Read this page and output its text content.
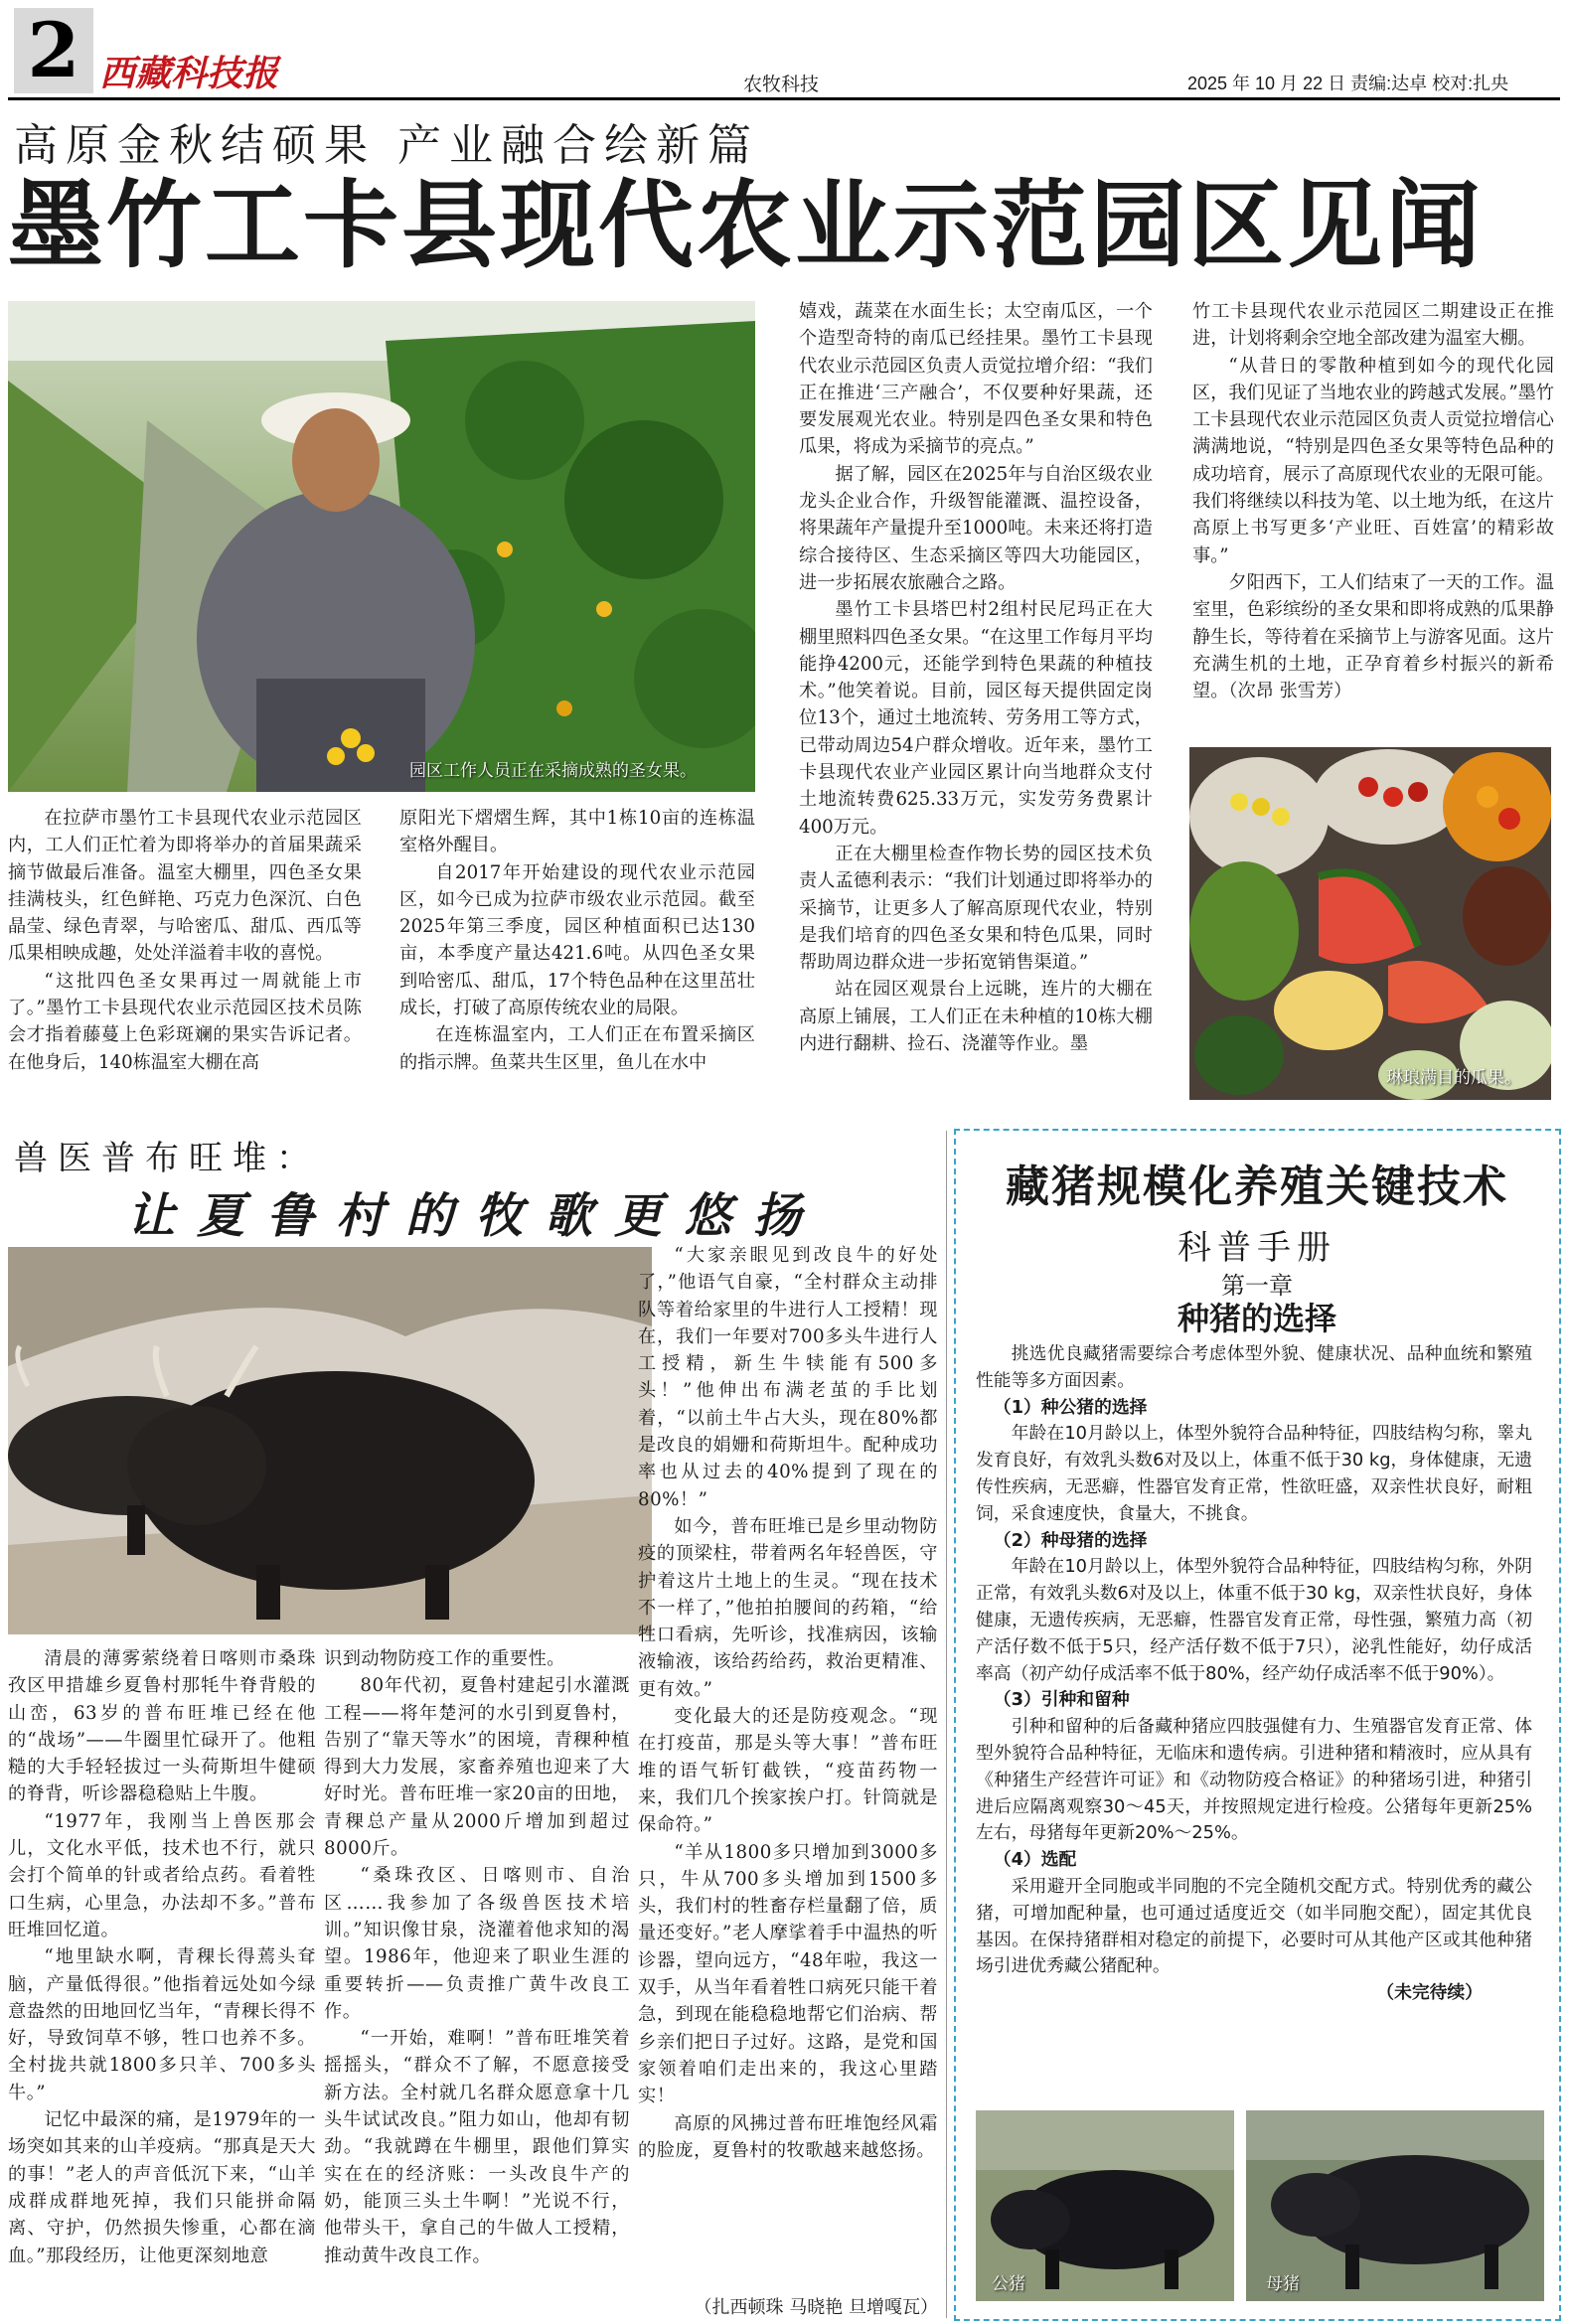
2 西藏科技报	农牧科技	2025 年 10 月 22 日 责编:达卓 校对:扎央
高原金秋结硕果 产业融合绘新篇
墨竹工卡县现代农业示范园区见闻
园区工作人员正在采摘成熟的圣女果。

在拉萨市墨竹工卡县现代农业示范园区内，工人们正忙着为即将举办的首届果蔬采摘节做最后准备。温室大棚里，四色圣女果挂满枝头，红色鲜艳、巧克力色深沉、白色晶莹、绿色青翠，与哈密瓜、甜瓜、西瓜等瓜果相映成趣，处处洋溢着丰收的喜悦。

“这批四色圣女果再过一周就能上市了。”墨竹工卡县现代农业示范园区技术员陈会才指着藤蔓上色彩斑斓的果实告诉记者。在他身后，140栋温室大棚在高

原阳光下熠熠生辉，其中1栋10亩的连栋温室格外醒目。

自2017年开始建设的现代农业示范园区，如今已成为拉萨市级农业示范园。截至2025年第三季度，园区种植面积已达130亩，本季度产量达421.6吨。从四色圣女果到哈密瓜、甜瓜，17个特色品种在这里茁壮成长，打破了高原传统农业的局限。

在连栋温室内，工人们正在布置采摘区的指示牌。鱼菜共生区里，鱼儿在水中

嬉戏，蔬菜在水面生长；太空南瓜区，一个个造型奇特的南瓜已经挂果。墨竹工卡县现代农业示范园区负责人贡觉拉增介绍：“我们正在推进‘三产融合’，不仅要种好果蔬，还要发展观光农业。特别是四色圣女果和特色瓜果，将成为采摘节的亮点。”

据了解，园区在2025年与自治区级农业龙头企业合作，升级智能灌溉、温控设备，将果蔬年产量提升至1000吨。未来还将打造综合接待区、生态采摘区等四大功能园区，进一步拓展农旅融合之路。

墨竹工卡县塔巴村2组村民尼玛正在大棚里照料四色圣女果。“在这里工作每月平均能挣4200元，还能学到特色果蔬的种植技术。”他笑着说。目前，园区每天提供固定岗位13个，通过土地流转、劳务用工等方式，已带动周边54户群众增收。近年来，墨竹工卡县现代农业产业园区累计向当地群众支付土地流转费625.33万元，实发劳务费累计400万元。

正在大棚里检查作物长势的园区技术负责人孟德利表示：“我们计划通过即将举办的采摘节，让更多人了解高原现代农业，特别是我们培育的四色圣女果和特色瓜果，同时帮助周边群众进一步拓宽销售渠道。”

站在园区观景台上远眺，连片的大棚在高原上铺展，工人们正在未种植的10栋大棚内进行翻耕、捡石、浇灌等作业。墨

竹工卡县现代农业示范园区二期建设正在推进，计划将剩余空地全部改建为温室大棚。

“从昔日的零散种植到如今的现代化园区，我们见证了当地农业的跨越式发展。”墨竹工卡县现代农业示范园区负责人贡觉拉增信心满满地说，“特别是四色圣女果等特色品种的成功培育，展示了高原现代农业的无限可能。我们将继续以科技为笔、以土地为纸，在这片高原上书写更多‘产业旺、百姓富’的精彩故事。”

夕阳西下，工人们结束了一天的工作。温室里，色彩缤纷的圣女果和即将成熟的瓜果静静生长，等待着在采摘节上与游客见面。这片充满生机的土地，正孕育着乡村振兴的新希望。（次昂 张雪芳）

琳琅满目的瓜果。
兽医普布旺堆：
让夏鲁村的牧歌更悠扬

清晨的薄雾萦绕着日喀则市桑珠孜区甲措雄乡夏鲁村那牦牛脊背般的山峦，63岁的普布旺堆已经在他的“战场”——牛圈里忙碌开了。他粗糙的大手轻轻拔过一头荷斯坦牛健硕的脊背，听诊器稳稳贴上牛腹。

“1977年，我刚当上兽医那会儿，文化水平低，技术也不行，就只会打个简单的针或者给点药。看着牲口生病，心里急，办法却不多。”普布旺堆回忆道。

“地里缺水啊，青稞长得蔫头耷脑，产量低得很。”他指着远处如今绿意盎然的田地回忆当年，“青稞长得不好，导致饲草不够，牲口也养不多。全村拢共就1800多只羊、700多头牛。”

记忆中最深的痛，是1979年的一场突如其来的山羊疫病。“那真是天大的事！”老人的声音低沉下来，“山羊成群成群地死掉，我们只能拼命隔离、守护，仍然损失惨重，心都在滴血。”那段经历，让他更深刻地意

识到动物防疫工作的重要性。

80年代初，夏鲁村建起引水灌溉工程——将年楚河的水引到夏鲁村，告别了“靠天等水”的困境，青稞种植得到大力发展，家畜养殖也迎来了大好时光。普布旺堆一家20亩的田地，青稞总产量从2000斤增加到超过8000斤。

“桑珠孜区、日喀则市、自治区……我参加了各级兽医技术培训。”知识像甘泉，浇灌着他求知的渴望。1986年，他迎来了职业生涯的重要转折——负责推广黄牛改良工作。

“一开始，难啊！”普布旺堆笑着摇摇头，“群众不了解，不愿意接受新方法。全村就几名群众愿意拿十几头牛试试改良。”阻力如山，他却有韧劲。“我就蹲在牛棚里，跟他们算实实在在的经济账：一头改良牛产的奶，能顶三头土牛啊！”光说不行，他带头干，拿自己的牛做人工授精，推动黄牛改良工作。

“大家亲眼见到改良牛的好处了，”他语气自豪，“全村群众主动排队等着给家里的牛进行人工授精！现在，我们一年要对700多头牛进行人工授精，新生牛犊能有500多头！”他伸出布满老茧的手比划着，“以前土牛占大头，现在80%都是改良的娟姗和荷斯坦牛。配种成功率也从过去的40%提到了现在的80%！”

如今，普布旺堆已是乡里动物防疫的顶梁柱，带着两名年轻兽医，守护着这片土地上的生灵。“现在技术不一样了，”他拍拍腰间的药箱，“给牲口看病，先听诊，找准病因，该输液输液，该给药给药，救治更精准、更有效。”

变化最大的还是防疫观念。“现在打疫苗，那是头等大事！”普布旺堆的语气斩钉截铁，“疫苗药物一来，我们几个挨家挨户打。针筒就是保命符。”

“羊从1800多只增加到3000多只，牛从700多头增加到1500多头，我们村的牲畜存栏量翻了倍，质量还变好。”老人摩挲着手中温热的听诊器，望向远方，“48年啦，我这一双手，从当年看着牲口病死只能干着急，到现在能稳稳地帮它们治病、帮乡亲们把日子过好。这路，是党和国家领着咱们走出来的，我这心里踏实！

高原的风拂过普布旺堆饱经风霜的脸庞，夏鲁村的牧歌越来越悠扬。

（扎西顿珠 马晓艳 旦增嘎瓦）
藏猪规模化养殖关键技术
科普手册
第一章
种猪的选择

挑选优良藏猪需要综合考虑体型外貌、健康状况、品种血统和繁殖性能等多方面因素。

（1）种公猪的选择

年龄在10月龄以上，体型外貌符合品种特征，四肢结构匀称，睾丸发育良好，有效乳头数6对及以上，体重不低于30 kg，身体健康，无遗传性疾病，无恶癖，性器官发育正常，性欲旺盛，双亲性状良好，耐粗饲，采食速度快，食量大，不挑食。

（2）种母猪的选择

年龄在10月龄以上，体型外貌符合品种特征，四肢结构匀称，外阴正常，有效乳头数6对及以上，体重不低于30 kg，双亲性状良好，身体健康，无遗传疾病，无恶癖，性器官发育正常，母性强，繁殖力高（初产活仔数不低于5只，经产活仔数不低于7只），泌乳性能好，幼仔成活率高（初产幼仔成活率不低于80%，经产幼仔成活率不低于90%）。

（3）引种和留种

引种和留种的后备藏种猪应四肢强健有力、生殖器官发育正常、体型外貌符合品种特征，无临床和遗传病。引进种猪和精液时，应从具有《种猪生产经营许可证》和《动物防疫合格证》的种猪场引进，种猪引进后应隔离观察30～45天，并按照规定进行检疫。公猪每年更新25%左右，母猪每年更新20%～25%。

（4）选配

采用避开全同胞或半同胞的不完全随机交配方式。特别优秀的藏公猪，可增加配种量，也可通过适度近交（如半同胞交配），固定其优良基因。在保持猪群相对稳定的前提下，必要时可从其他产区或其他种猪场引进优秀藏公猪配种。

（未完待续）

公猪	母猪
